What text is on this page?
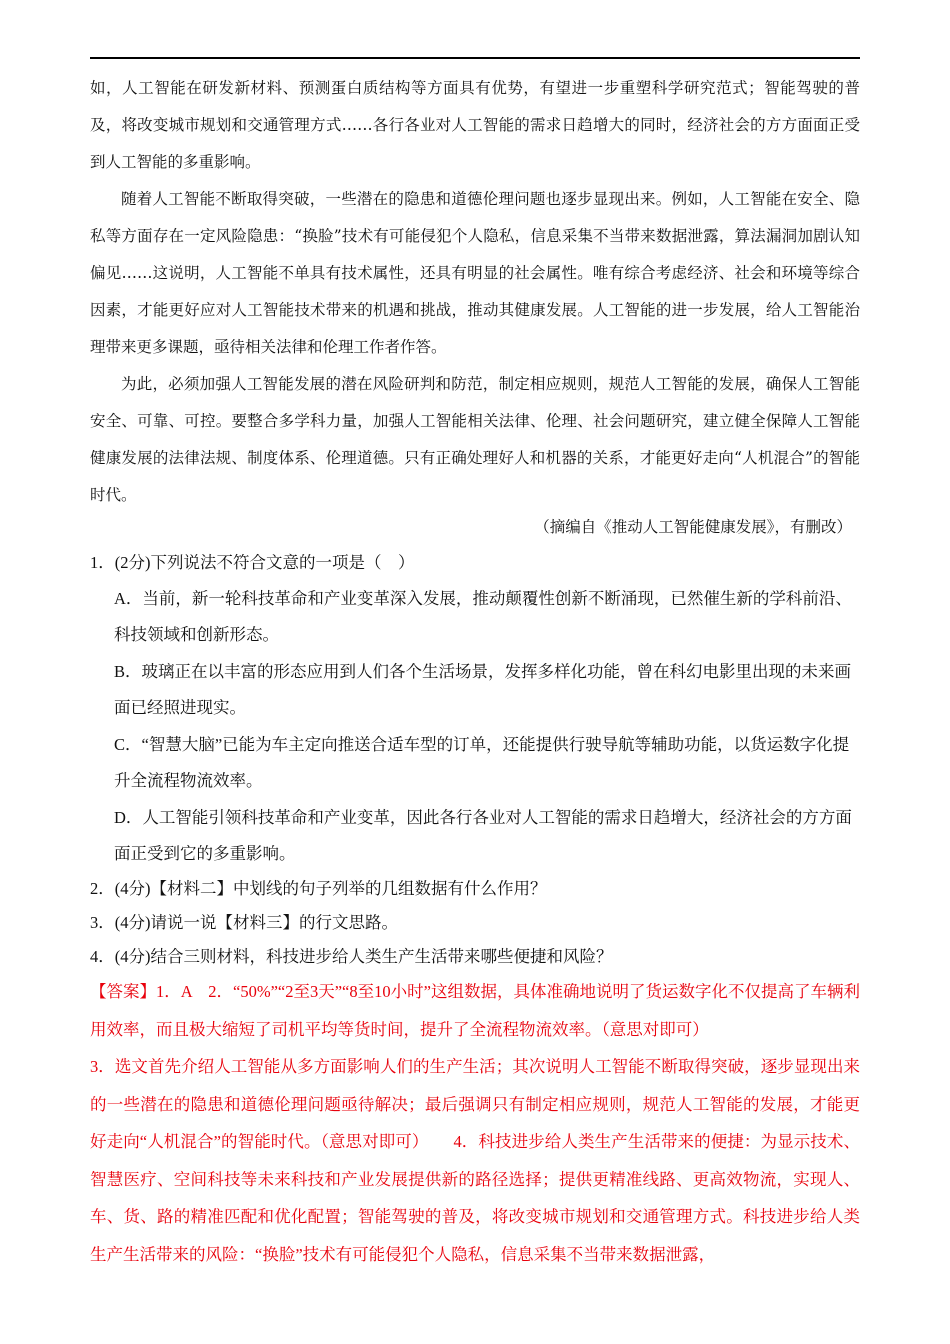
如，人工智能在研发新材料、预测蛋白质结构等方面具有优势，有望进一步重塑科学研究范式；智能驾驶的普及，将改变城市规划和交通管理方式……各行各业对人工智能的需求日趋增大的同时，经济社会的方方面面正受到人工智能的多重影响。

随着人工智能不断取得突破，一些潜在的隐患和道德伦理问题也逐步显现出来。例如，人工智能在安全、隐私等方面存在一定风险隐患：“换脸”技术有可能侵犯个人隐私，信息采集不当带来数据泄露，算法漏洞加剧认知偏见……这说明，人工智能不单具有技术属性，还具有明显的社会属性。唯有综合考虑经济、社会和环境等综合因素，才能更好应对人工智能技术带来的机遇和挑战，推动其健康发展。人工智能的进一步发展，给人工智能治理带来更多课题，亟待相关法律和伦理工作者作答。

为此，必须加强人工智能发展的潜在风险研判和防范，制定相应规则，规范人工智能的发展，确保人工智能安全、可靠、可控。要整合多学科力量，加强人工智能相关法律、伦理、社会问题研究，建立健全保障人工智能健康发展的法律法规、制度体系、伦理道德。只有正确处理好人和机器的关系，才能更好走向“人机混合”的智能时代。

（摘编自《推动人工智能健康发展》，有删改）

1．(2分)下列说法不符合文意的一项是（　）

A．当前，新一轮科技革命和产业变革深入发展，推动颠覆性创新不断涌现，已然催生新的学科前沿、科技领域和创新形态。

B．玻璃正在以丰富的形态应用到人们各个生活场景，发挥多样化功能，曾在科幻电影里出现的未来画面已经照进现实。

C．“智慧大脑”已能为车主定向推送合适车型的订单，还能提供行驶导航等辅助功能，以货运数字化提升全流程物流效率。

D．人工智能引领科技革命和产业变革，因此各行各业对人工智能的需求日趋增大，经济社会的方方面面正受到它的多重影响。

2．(4分)【材料二】中划线的句子列举的几组数据有什么作用？

3．(4分)请说一说【材料三】的行文思路。

4．(4分)结合三则材料，科技进步给人类生产生活带来哪些便捷和风险？

【答案】1．A　2．“50%”“2至3天”“8至10小时”这组数据，具体准确地说明了货运数字化不仅提高了车辆利用效率，而且极大缩短了司机平均等货时间，提升了全流程物流效率。（意思对即可）

3．选文首先介绍人工智能从多方面影响人们的生产生活；其次说明人工智能不断取得突破，逐步显现出来的一些潜在的隐患和道德伦理问题亟待解决；最后强调只有制定相应规则，规范人工智能的发展，才能更好走向“人机混合”的智能时代。（意思对即可）　　4．科技进步给人类生产生活带来的便捷：为显示技术、智慧医疗、空间科技等未来科技和产业发展提供新的路径选择；提供更精准线路、更高效物流，实现人、车、货、路的精准匹配和优化配置；智能驾驶的普及，将改变城市规划和交通管理方式。科技进步给人类生产生活带来的风险：“换脸”技术有可能侵犯个人隐私，信息采集不当带来数据泄露，
